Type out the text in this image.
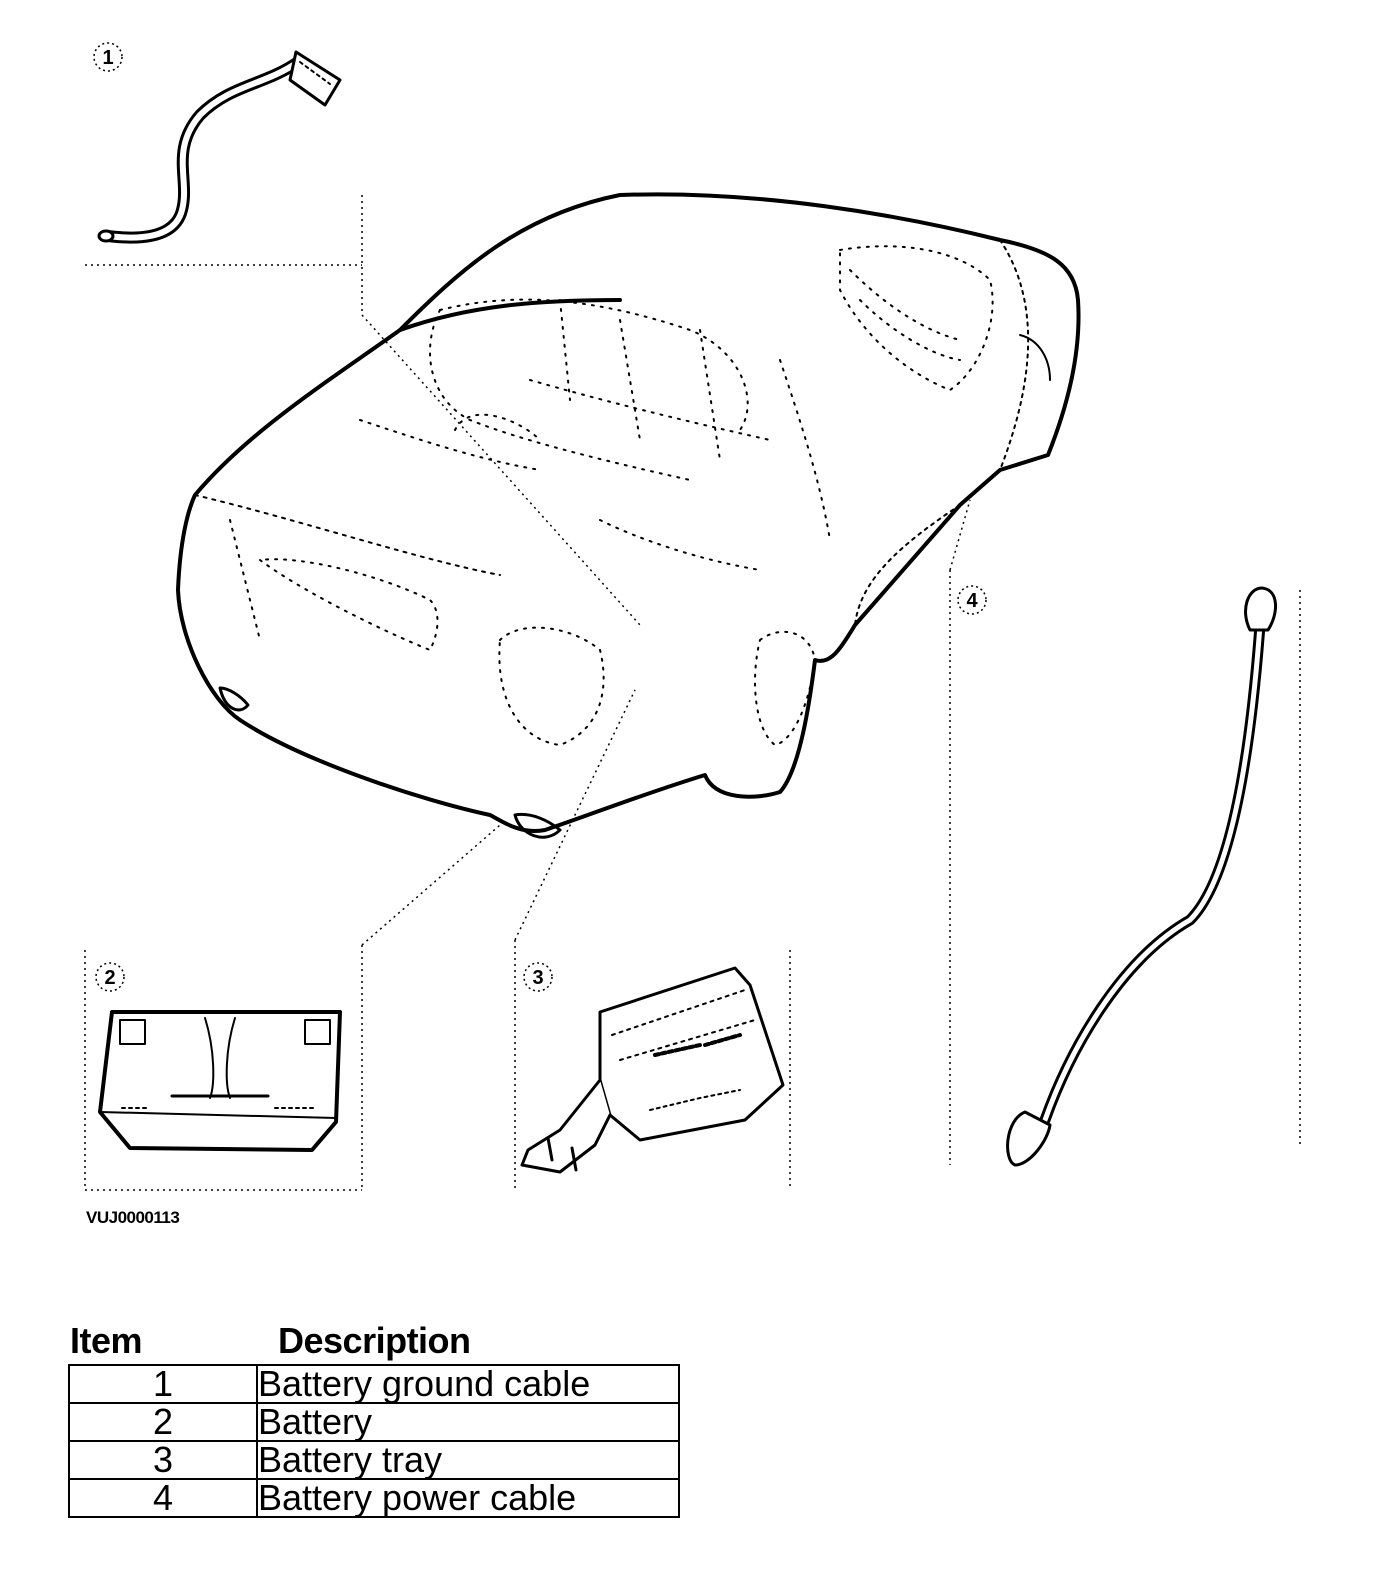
1
2	3
4
VUJ0000113
Item	Description
1	Battery ground cable
2	Battery
3	Battery tray
4	Battery power cable
